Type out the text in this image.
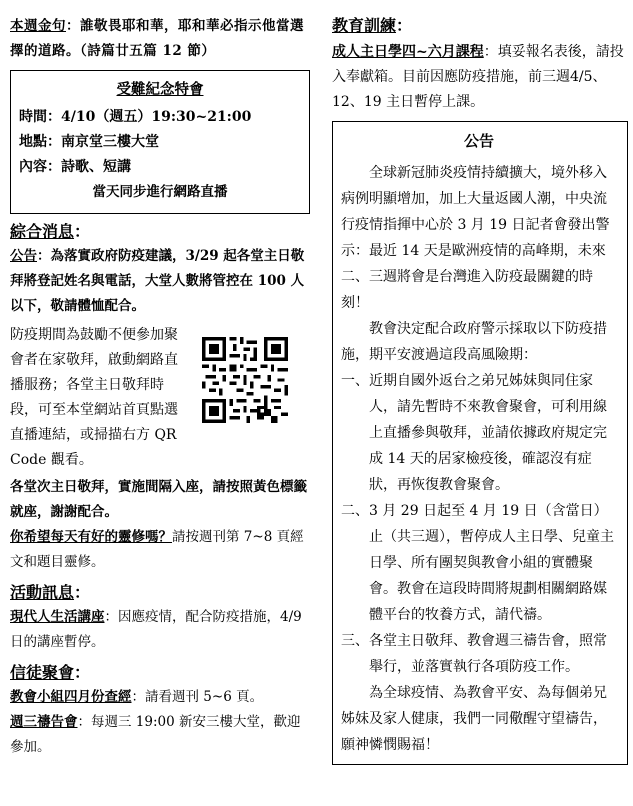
本週金句：誰敬畏耶和華，耶和華必指示他當選擇的道路。（詩篇廿五篇 12 節）

受難紀念特會
時間： 4/10（週五）19:30~21:00
地點： 南京堂三樓大堂
內容： 詩歌、短講
當天同步進行網路直播
綜合消息：

公告：為落實政府防疫建議，3/29 起各堂主日敬拜將登記姓名與電話，大堂人數將管控在 100 人以下，敬請體恤配合。

防疫期間為鼓勵不便參加聚會者在家敬拜，啟動網路直播服務；各堂主日敬拜時段，可至本堂網站首頁點選直播連結，或掃描右方 QR Code 觀看。

各堂次主日敬拜，實施間隔入座，請按照黃色標籤就座，謝謝配合。

你希望每天有好的靈修嗎？請按週刊第 7~8 頁經文和題目靈修。

活動訊息：

現代人生活講座：因應疫情，配合防疫措施，4/9 日的講座暫停。

信徒聚會：

教會小組四月份查經：請看週刊 5~6 頁。

週三禱告會：每週三 19:00 新安三樓大堂，歡迎參加。

教育訓練：

成人主日學四~六月課程：填妥報名表後，請投入奉獻箱。目前因應防疫措施，前三週4/5、12、19 主日暫停上課。

公告

全球新冠肺炎疫情持續擴大，境外移入病例明顯增加，加上大量返國人潮，中央流行疫情指揮中心於 3 月 19 日記者會發出警示：最近 14 天是歐洲疫情的高峰期，未來二、三週將會是台灣進入防疫最關鍵的時刻！

教會決定配合政府警示採取以下防疫措施，期平安渡過這段高風險期：

一、 近期自國外返台之弟兄姊妹與同住家人，請先暫時不來教會聚會，可利用線上直播參與敬拜，並請依據政府規定完成 14 天的居家檢疫後，確認沒有症狀，再恢復教會聚會。
二、 3 月 29 日起至 4 月 19 日（含當日）止（共三週），暫停成人主日學、兒童主日學、所有團契與教會小組的實體聚會。教會在這段時間將規劃相關網路媒體平台的牧養方式，請代禱。
三、 各堂主日敬拜、教會週三禱告會，照常舉行，並落實執行各項防疫工作。

為全球疫情、為教會平安、為每個弟兄姊妹及家人健康，我們一同儆醒守望禱告，願神憐憫賜福！
